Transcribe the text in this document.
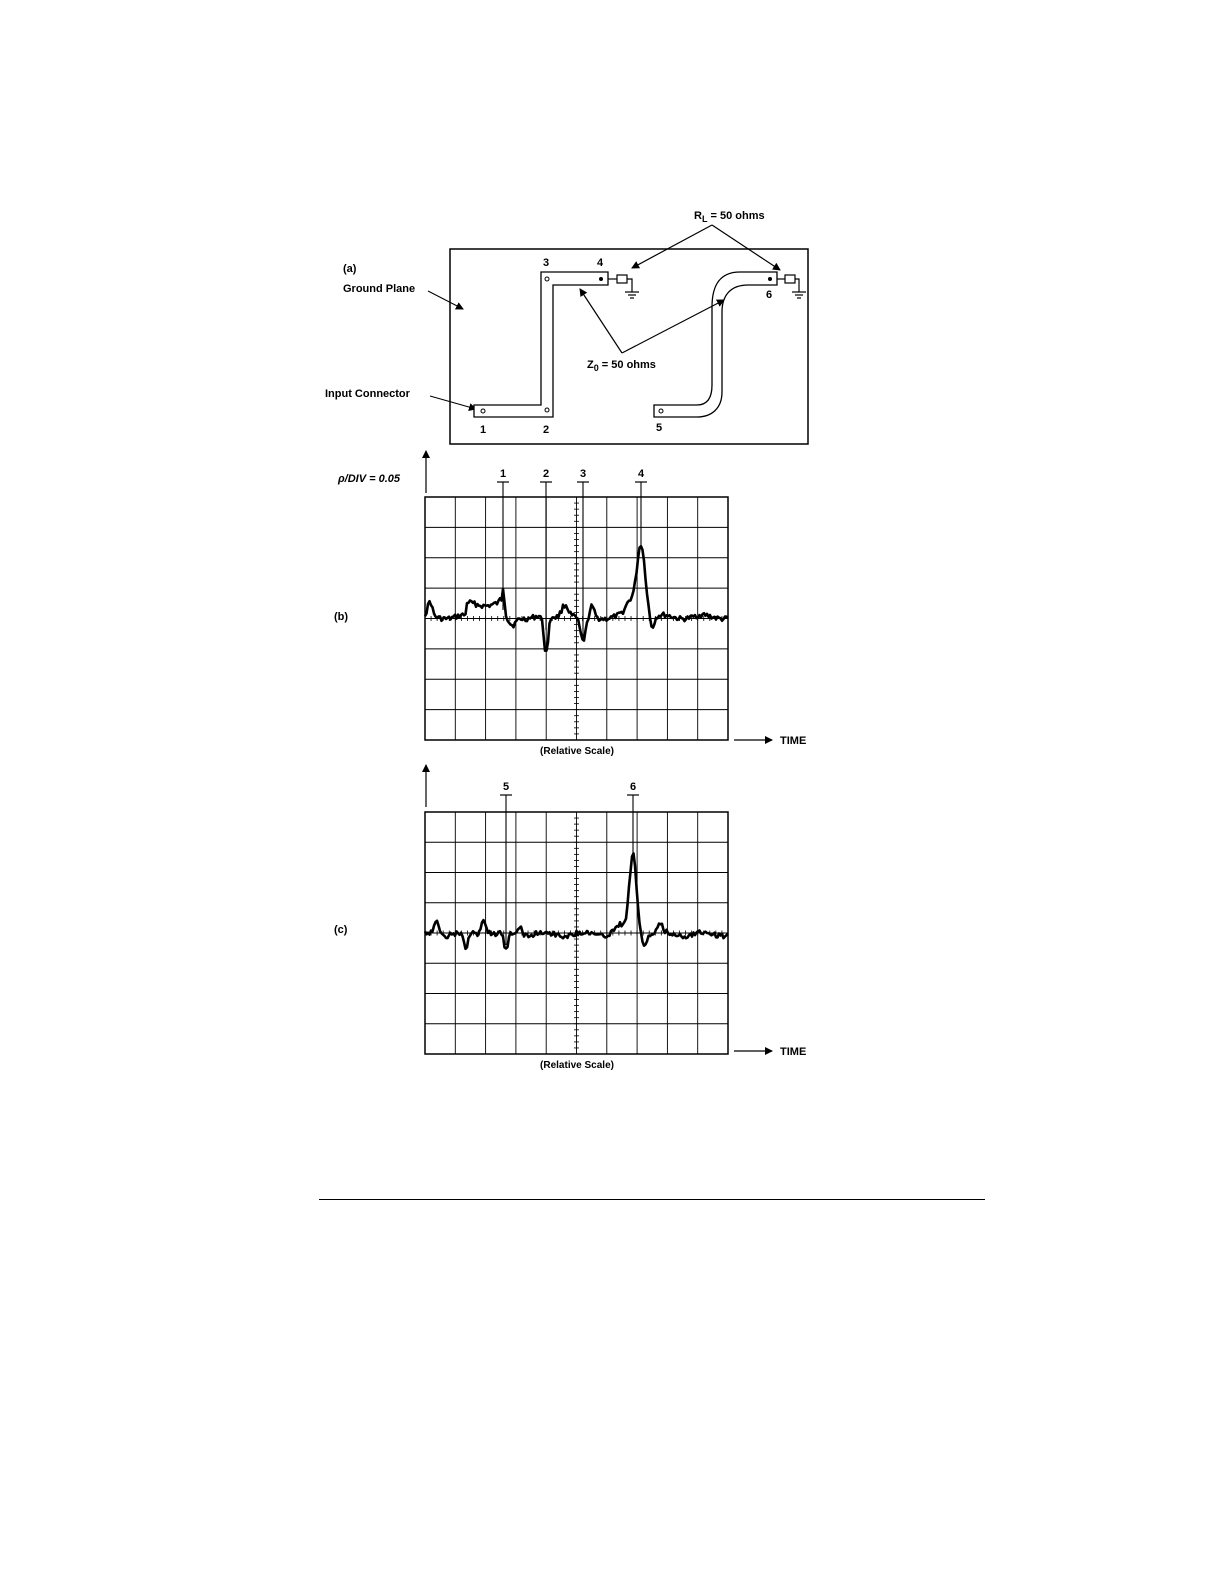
(a)
Ground Plane
Input Connector
1	2
3	4
5
6
$R_L = 50$ ohms
$Z_0 = 50$ ohms
(b)
ρ/DIV = 0.05	1	2	3	4
(Relative Scale)
TIME
(c)
5	6
(Relative Scale)
TIME
